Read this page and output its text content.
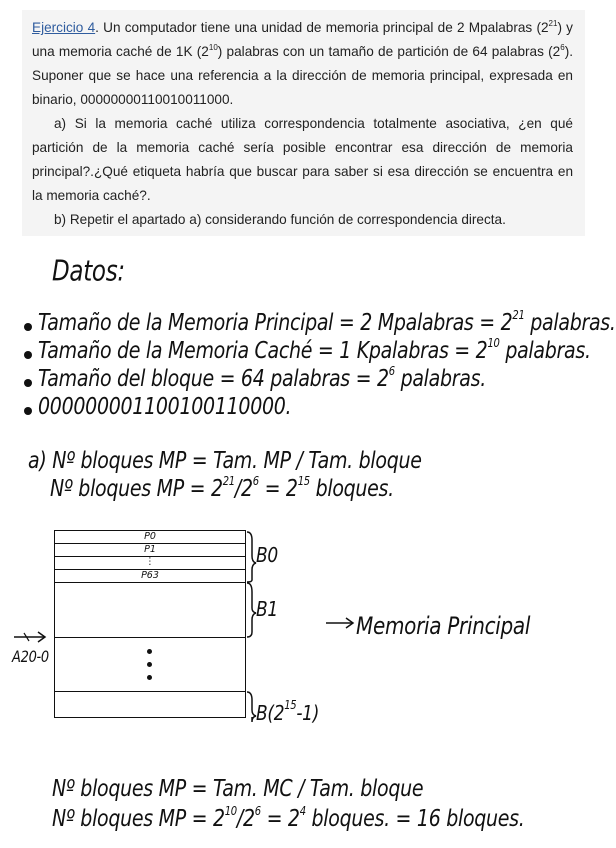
Ejercicio 4. Un computador tiene una unidad de memoria principal de 2 Mpalabras $(2^{21})$ y una memoria caché de 1K $(2^{10})$ palabras con un tamaño de partición de 64 palabras $(2^6)$. Suponer que se hace una referencia a la dirección de memoria principal, expresada en binario, 00000000110010011000.

a) Si la memoria caché utiliza correspondencia totalmente asociativa, ¿en qué partición de la memoria caché sería posible encontrar esa dirección de memoria principal?.¿Qué etiqueta habría que buscar para saber si esa dirección se encuentra en la memoria caché?.

b) Repetir el apartado a) considerando función de correspondencia directa.

Datos:
Tamaño de la Memoria Principal = 2 Mpalabras = $2^{21}$ palabras.
Tamaño de la Memoria Caché = 1 Kpalabras = $2^{10}$ palabras.
Tamaño del bloque = 64 palabras = $2^6$ palabras.
000000001100100110000.
a) Nº bloques MP = Tam. MP / Tam. bloque
Nº bloques MP = $2^{21}/2^6 = 2^{15}$ bloques.
P0
P1
⋮
P63
B0
B1
$B(2^{15}-1)$
A20-0
Memoria Principal
Nº bloques MP = Tam. MC / Tam. bloque
Nº bloques MP = $2^{10}/2^6 = 2^4$ bloques. = 16 bloques.
